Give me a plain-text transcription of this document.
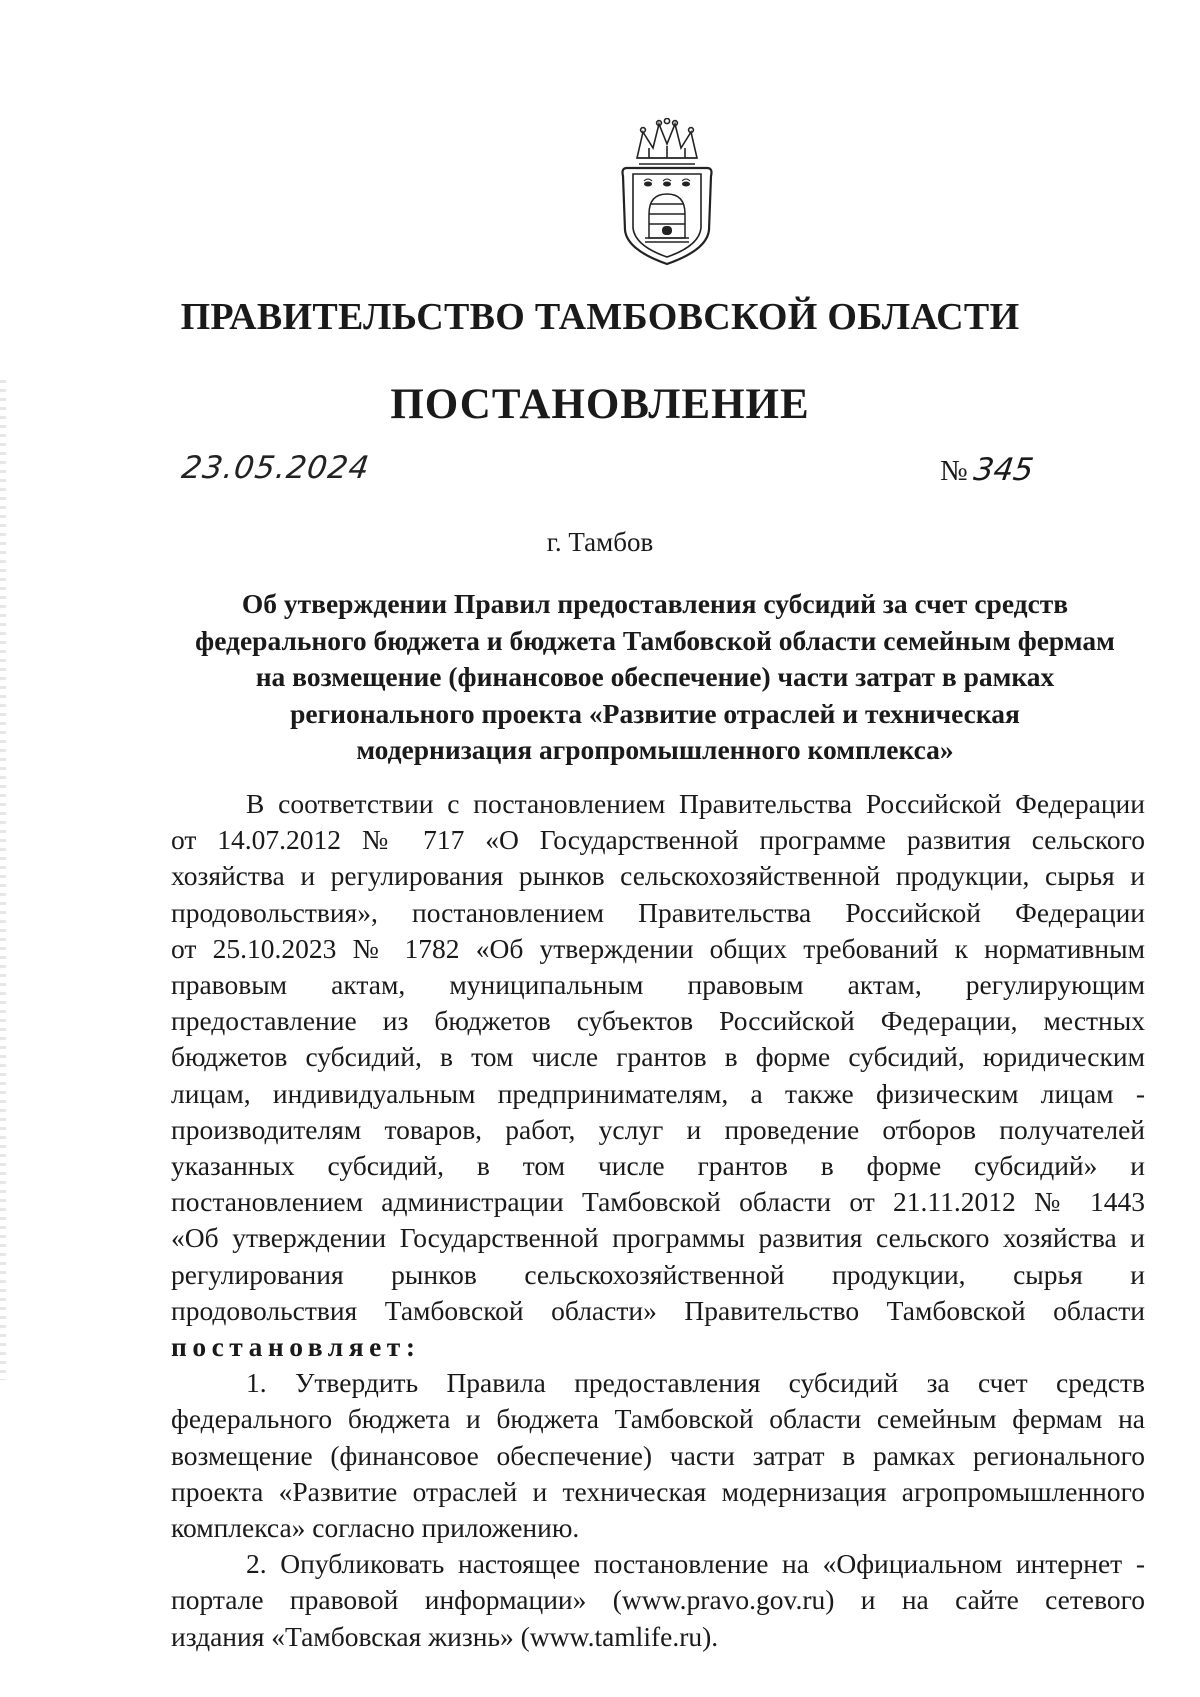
ПРАВИТЕЛЬСТВО ТАМБОВСКОЙ ОБЛАСТИ
ПОСТАНОВЛЕНИЕ
23.05.2024	№ 345
г. Тамбов
Об утверждении Правил предоставления субсидий за счет средств
федерального бюджета и бюджета Тамбовской области семейным фермам
на возмещение (финансовое обеспечение) части затрат в рамках
регионального проекта «Развитие отраслей и техническая
модернизация агропромышленного комплекса»
В соответствии с постановлением Правительства Российской Федерации
от 14.07.2012 № 717 «О Государственной программе развития сельского
хозяйства и регулирования рынков сельскохозяйственной продукции, сырья и
продовольствия», постановлением Правительства Российской Федерации
от 25.10.2023 № 1782 «Об утверждении общих требований к нормативным
правовым актам, муниципальным правовым актам, регулирующим
предоставление из бюджетов субъектов Российской Федерации, местных
бюджетов субсидий, в том числе грантов в форме субсидий, юридическим
лицам, индивидуальным предпринимателям, а также физическим лицам -
производителям товаров, работ, услуг и проведение отборов получателей
указанных субсидий, в том числе грантов в форме субсидий» и
постановлением администрации Тамбовской области от 21.11.2012 № 1443
«Об утверждении Государственной программы развития сельского хозяйства и
регулирования рынков сельскохозяйственной продукции, сырья и
продовольствия Тамбовской области» Правительство Тамбовской области
постановляет:
1. Утвердить Правила предоставления субсидий за счет средств
федерального бюджета и бюджета Тамбовской области семейным фермам на
возмещение (финансовое обеспечение) части затрат в рамках регионального
проекта «Развитие отраслей и техническая модернизация агропромышленного
комплекса» согласно приложению.
2. Опубликовать настоящее постановление на «Официальном интернет -
портале правовой информации» (www.pravo.gov.ru) и на сайте сетевого
издания «Тамбовская жизнь» (www.tamlife.ru).
